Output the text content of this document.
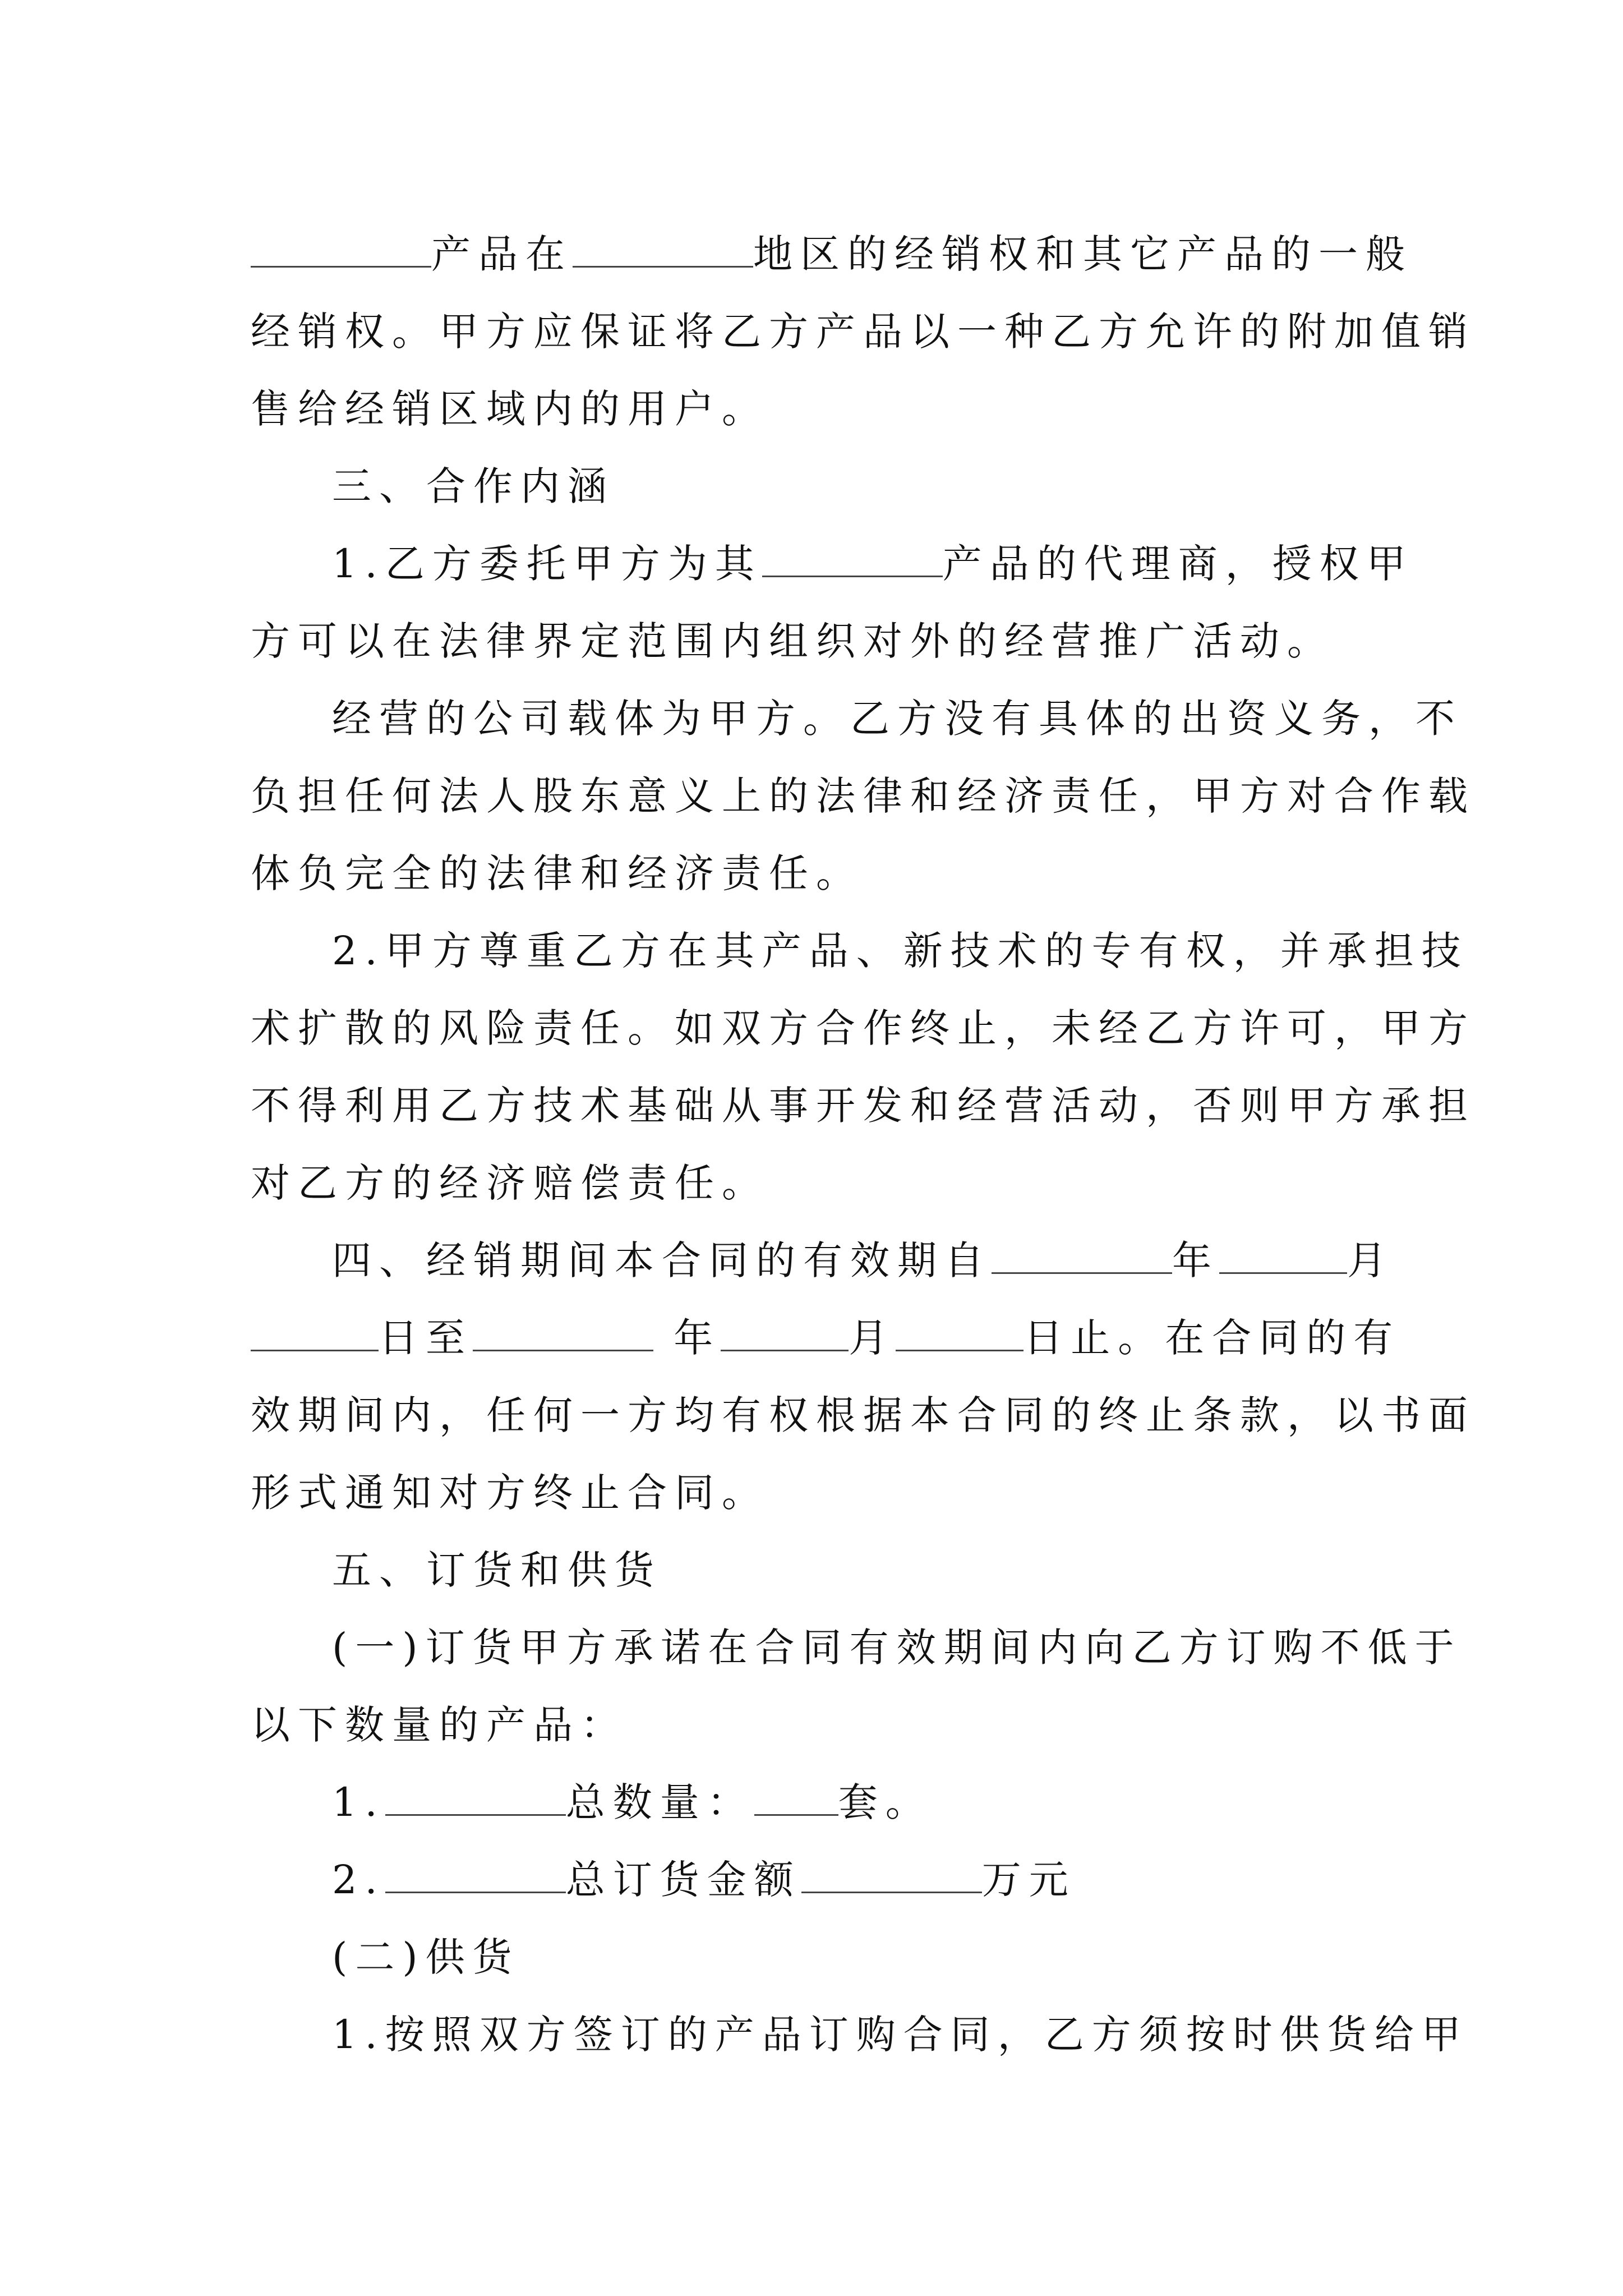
产品在	地区的经销权和其它产品的一般
经销权。甲方应保证将乙方产品以一种乙方允许的附加值销
售给经销区域内的用户。
三、合作内涵
1.乙方委托甲方为其	产品的代理商，授权甲
方可以在法律界定范围内组织对外的经营推广活动。
经营的公司载体为甲方。乙方没有具体的出资义务，不
负担任何法人股东意义上的法律和经济责任，甲方对合作载
体负完全的法律和经济责任。
2.甲方尊重乙方在其产品、新技术的专有权，并承担技
术扩散的风险责任。如双方合作终止，未经乙方许可，甲方
不得利用乙方技术基础从事开发和经营活动，否则甲方承担
对乙方的经济赔偿责任。
四、经销期间本合同的有效期自	年	月
日至	年	月	日止。在合同的有
效期间内，任何一方均有权根据本合同的终止条款，以书面
形式通知对方终止合同。
五、订货和供货
(一)订货甲方承诺在合同有效期间内向乙方订购不低于
以下数量的产品：
1.	总数量： 套。
2.	总订货金额	万元
(二)供货
1.按照双方签订的产品订购合同，乙方须按时供货给甲
